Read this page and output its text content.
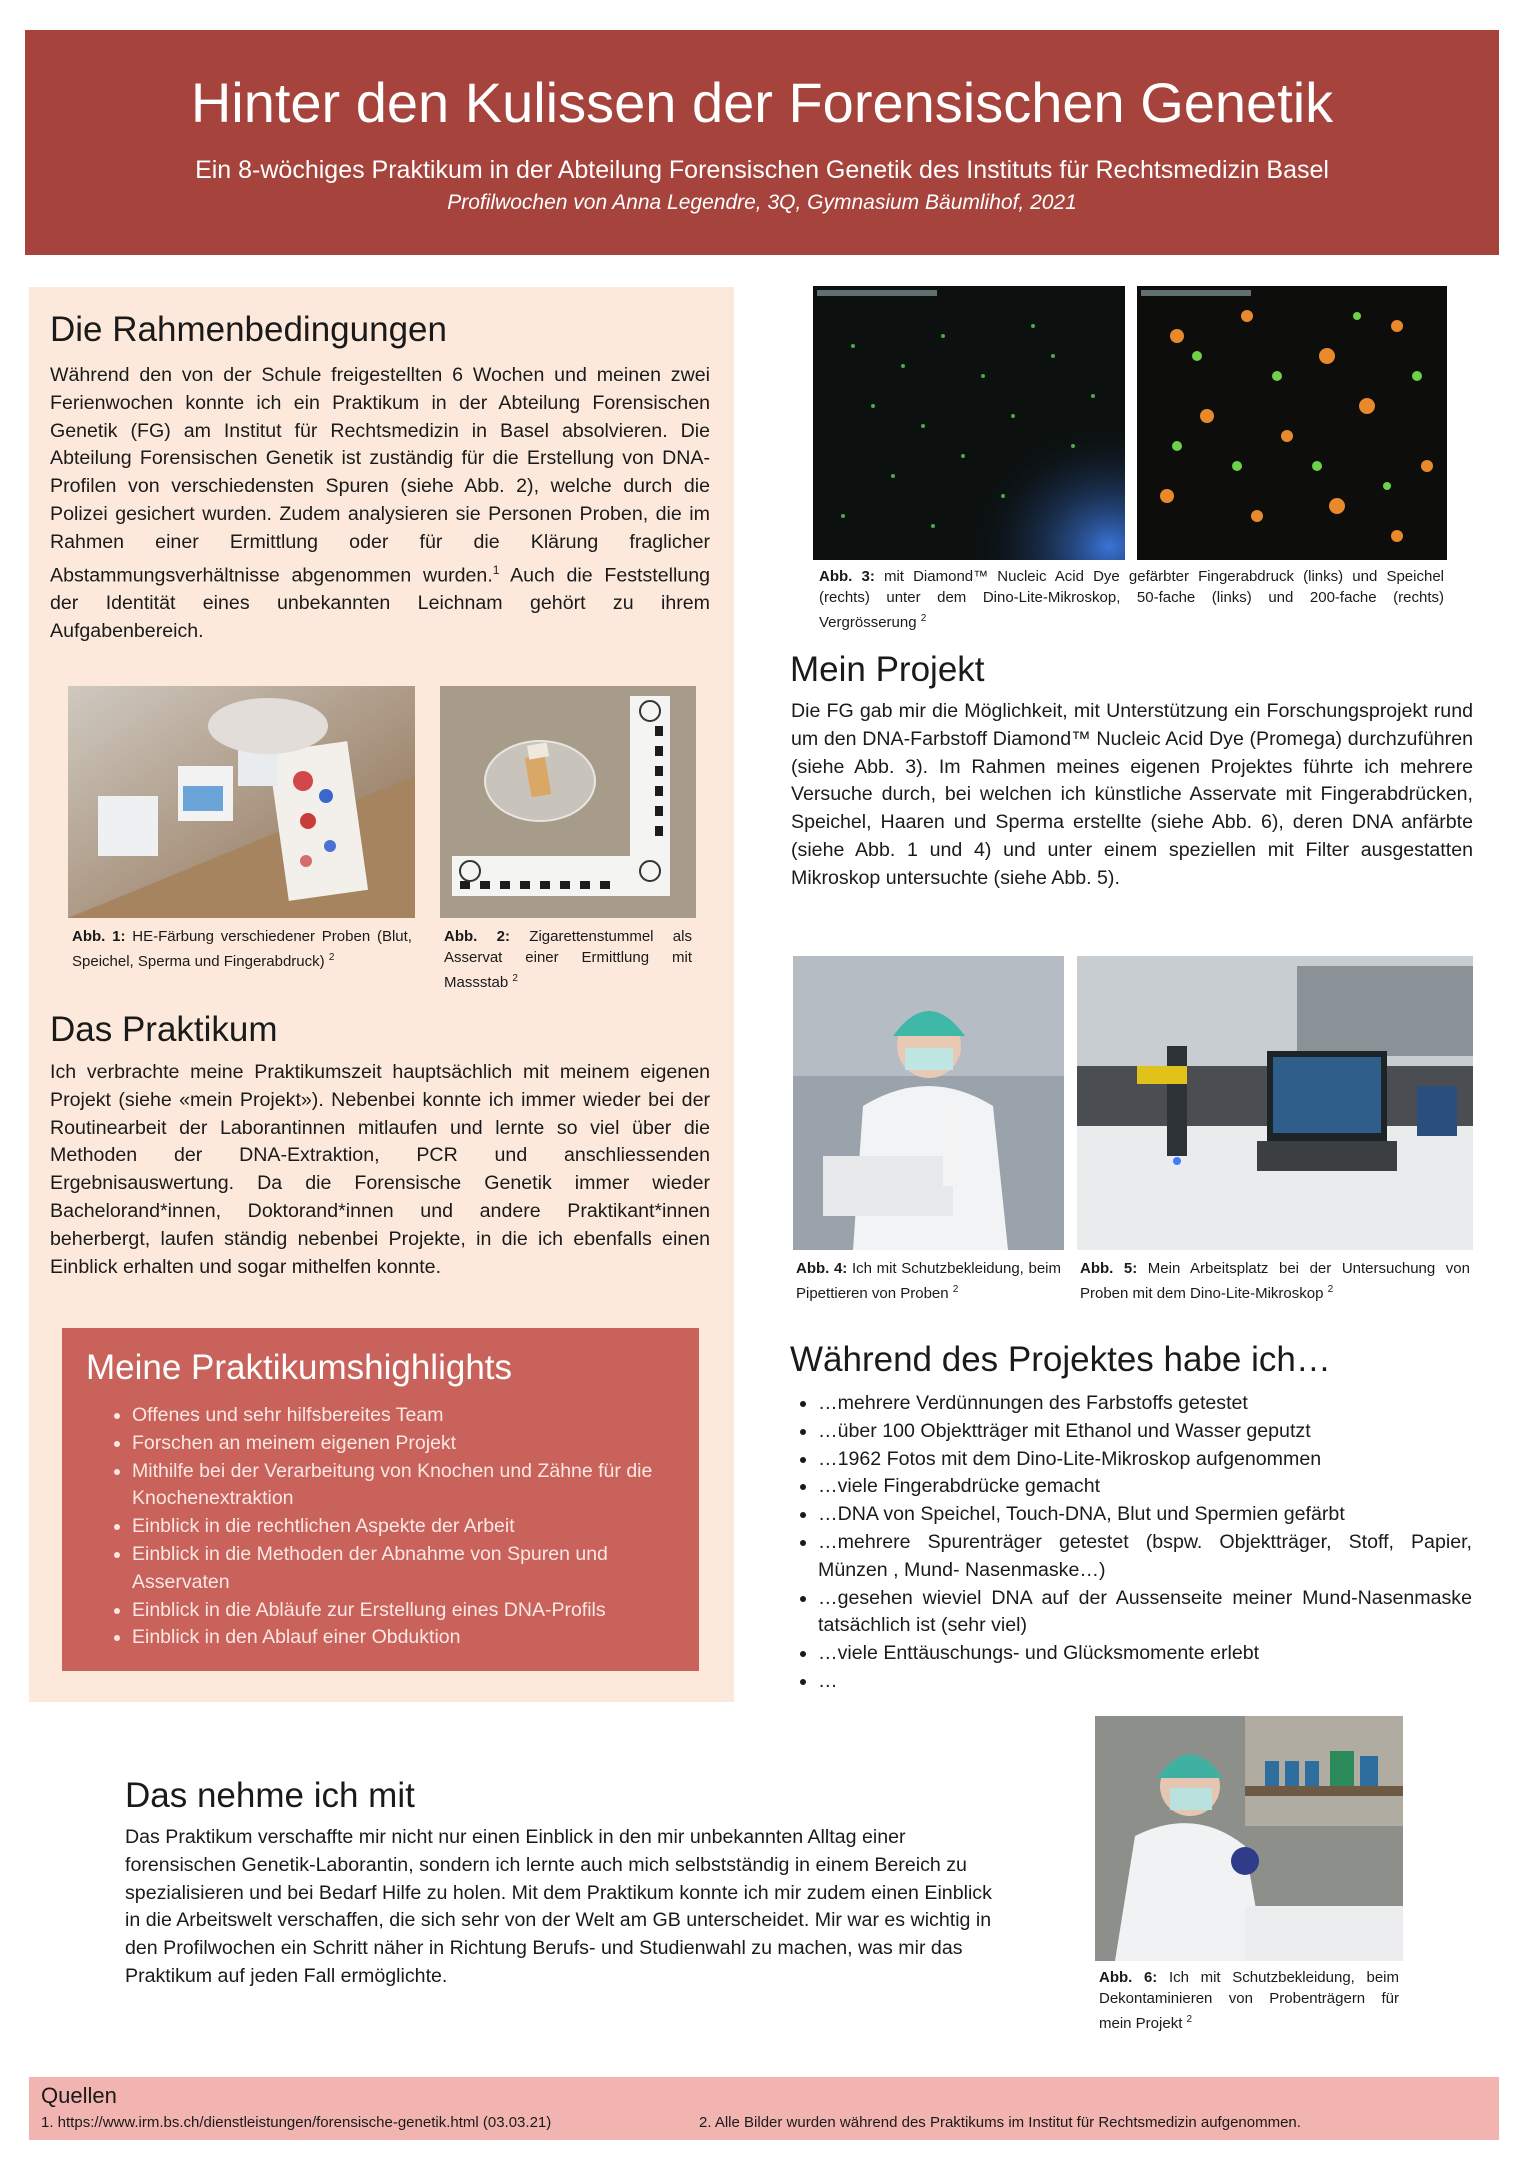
Hinter den Kulissen der Forensischen Genetik
Ein 8-wöchiges Praktikum in der Abteilung Forensischen Genetik des Instituts für Rechtsmedizin Basel
Profilwochen von Anna Legendre, 3Q, Gymnasium Bäumlihof, 2021
Die Rahmenbedingungen
Während den von der Schule freigestellten 6 Wochen und meinen zwei Ferienwochen konnte ich ein Praktikum in der Abteilung Forensischen Genetik (FG) am Institut für Rechtsmedizin in Basel absolvieren. Die Abteilung Forensischen Genetik ist zuständig für die Erstellung von DNA-Profilen von verschiedensten Spuren (siehe Abb. 2), welche durch die Polizei gesichert wurden. Zudem analysieren sie Personen Proben, die im Rahmen einer Ermittlung oder für die Klärung fraglicher Abstammungsverhältnisse abgenommen wurden.$^1$ Auch die Feststellung der Identität eines unbekannten Leichnam gehört zu ihrem Aufgabenbereich.
Abb. 1: HE-Färbung verschiedener Proben (Blut, Speichel, Sperma und Fingerabdruck) $^2$
Abb. 2: Zigarettenstummel als Asservat einer Ermittlung mit Massstab $^2$
Das Praktikum
Ich verbrachte meine Praktikumszeit hauptsächlich mit meinem eigenen Projekt (siehe «mein Projekt»). Nebenbei konnte ich immer wieder bei der Routinearbeit der Laborantinnen mitlaufen und lernte so viel über die Methoden der DNA-Extraktion, PCR und anschliessenden Ergebnisauswertung. Da die Forensische Genetik immer wieder Bachelorand*innen, Doktorand*innen und andere Praktikant*innen beherbergt, laufen ständig nebenbei Projekte, in die ich ebenfalls einen Einblick erhalten und sogar mithelfen konnte.
Meine Praktikumshighlights
• Offenes und sehr hilfsbereites Team
• Forschen an meinem eigenen Projekt
• Mithilfe bei der Verarbeitung von Knochen und Zähne für die Knochenextraktion
• Einblick in die rechtlichen Aspekte der Arbeit
• Einblick in die Methoden der Abnahme von Spuren und Asservaten
• Einblick in die Abläufe zur Erstellung eines DNA-Profils
• Einblick in den Ablauf einer Obduktion
Abb. 3: mit Diamond™ Nucleic Acid Dye gefärbter Fingerabdruck (links) und Speichel (rechts) unter dem Dino-Lite-Mikroskop, 50-fache (links) und 200-fache (rechts) Vergrösserung $^2$
Mein Projekt
Die FG gab mir die Möglichkeit, mit Unterstützung ein Forschungsprojekt rund um den DNA-Farbstoff Diamond™ Nucleic Acid Dye (Promega) durchzuführen (siehe Abb. 3). Im Rahmen meines eigenen Projektes führte ich mehrere Versuche durch, bei welchen ich künstliche Asservate mit Fingerabdrücken, Speichel, Haaren und Sperma erstellte (siehe Abb. 6), deren DNA anfärbte (siehe Abb. 1 und 4) und unter einem speziellen mit Filter ausgestatten Mikroskop untersuchte (siehe Abb. 5).
Abb. 4: Ich mit Schutzbekleidung, beim Pipettieren von Proben $^2$
Abb. 5: Mein Arbeitsplatz bei der Untersuchung von Proben mit dem Dino-Lite-Mikroskop $^2$
Während des Projektes habe ich…
• …mehrere Verdünnungen des Farbstoffs getestet
• …über 100 Objektträger mit Ethanol und Wasser geputzt
• …1962 Fotos mit dem Dino-Lite-Mikroskop aufgenommen
• …viele Fingerabdrücke gemacht
• …DNA von Speichel, Touch-DNA, Blut und Spermien gefärbt
• …mehrere Spurenträger getestet (bspw. Objektträger, Stoff, Papier, Münzen , Mund- Nasenmaske…)
• …gesehen wieviel DNA auf der Aussenseite meiner Mund-Nasenmaske tatsächlich ist (sehr viel)
• …viele Enttäuschungs- und Glücksmomente erlebt
• …
Das nehme ich mit
Das Praktikum verschaffte mir nicht nur einen Einblick in den mir unbekannten Alltag einer forensischen Genetik-Laborantin, sondern ich lernte auch mich selbstständig in einem Bereich zu spezialisieren und bei Bedarf Hilfe zu holen. Mit dem Praktikum konnte ich mir zudem einen Einblick in die Arbeitswelt verschaffen, die sich sehr von der Welt am GB unterscheidet. Mir war es wichtig in den Profilwochen ein Schritt näher in Richtung Berufs- und Studienwahl zu machen, was mir das Praktikum auf jeden Fall ermöglichte.	Abb. 6: Ich mit Schutzbekleidung, beim Dekontaminieren von Probenträgern für mein Projekt $^2$
Quellen
1. https://www.irm.bs.ch/dienstleistungen/forensische-genetik.html (03.03.21)	2. Alle Bilder wurden während des Praktikums im Institut für Rechtsmedizin aufgenommen.
